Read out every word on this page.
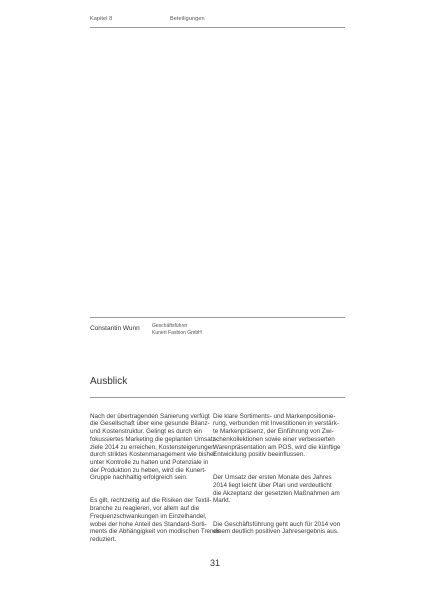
Kapitel 8	Beteiligungen
Constantin Wunn Geschäftsführer
Kunert Fashion GmbH
Ausblick

Nach der übertragenden Sanierung verfügt
die Gesellschaft über eine gesunde Bilanz-
und Kostenstruktur. Gelingt es durch ein
fokussiertes Marketing die geplanten Umsatz-
ziele 2014 zu erreichen, Kostensteigerungen
durch striktes Kostenmanagement wie bisher
unter Kontrolle zu halten und Potenziale in
der Produktion zu heben, wird die Kunert-
Gruppe nachhaltig erfolgreich sein.

Es gilt, rechtzeitig auf die Risiken der Textil-
branche zu reagieren, vor allem auf die
Frequenzschwankungen im Einzelhandel,
wobei der hohe Anteil des Standard-Sorti-
ments die Abhängigkeit von modischen Trends
reduziert.

Die klare Sortiments- und Markenpositionie-
rung, verbunden mit Investitionen in verstärk-
te Markenpräsenz, der Einführung von Zwi-
schenkollektionen sowie einer verbesserten
Warenpräsentation am POS, wird die künftige
Entwicklung positiv beeinflussen.

Der Umsatz der ersten Monate des Jahres
2014 liegt leicht über Plan und verdeutlicht
die Akzeptanz der gesetzten Maßnahmen am
Markt.

Die Geschäftsführung geht auch für 2014 von
einem deutlich positiven Jahresergebnis aus.

31
